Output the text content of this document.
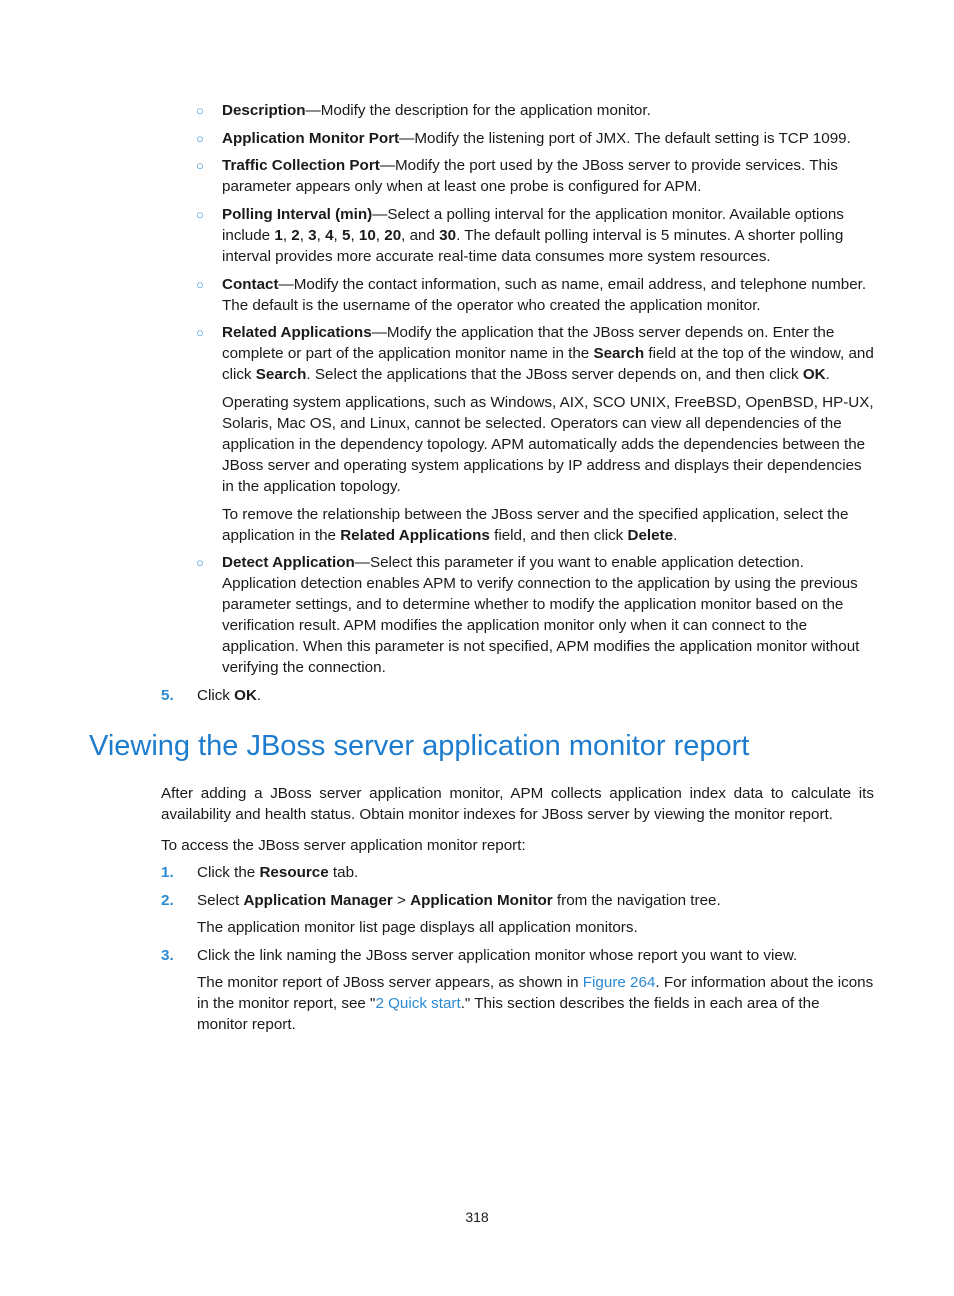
○	Description—Modify the description for the application monitor.

○	Application Monitor Port—Modify the listening port of JMX. The default setting is TCP 1099.

○	Traffic Collection Port—Modify the port used by the JBoss server to provide services. This parameter appears only when at least one probe is configured for APM.

○	Polling Interval (min)—Select a polling interval for the application monitor. Available options include 1, 2, 3, 4, 5, 10, 20, and 30. The default polling interval is 5 minutes. A shorter polling interval provides more accurate real-time data consumes more system resources.

○	Contact—Modify the contact information, such as name, email address, and telephone number. The default is the username of the operator who created the application monitor.

○	Related Applications—Modify the application that the JBoss server depends on. Enter the complete or part of the application monitor name in the Search field at the top of the window, and click Search. Select the applications that the JBoss server depends on, and then click OK.

Operating system applications, such as Windows, AIX, SCO UNIX, FreeBSD, OpenBSD, HP-UX, Solaris, Mac OS, and Linux, cannot be selected. Operators can view all dependencies of the application in the dependency topology. APM automatically adds the dependencies between the JBoss server and operating system applications by IP address and displays their dependencies in the application topology.

To remove the relationship between the JBoss server and the specified application, select the application in the Related Applications field, and then click Delete.

○	Detect Application—Select this parameter if you want to enable application detection. Application detection enables APM to verify connection to the application by using the previous parameter settings, and to determine whether to modify the application monitor based on the verification result. APM modifies the application monitor only when it can connect to the application. When this parameter is not specified, APM modifies the application monitor without verifying the connection.

5.	Click OK.

Viewing the JBoss server application monitor report

After adding a JBoss server application monitor, APM collects application index data to calculate its availability and health status. Obtain monitor indexes for JBoss server by viewing the monitor report.

To access the JBoss server application monitor report:

1.	Click the Resource tab.

2.	Select Application Manager > Application Monitor from the navigation tree.

The application monitor list page displays all application monitors.

3.	Click the link naming the JBoss server application monitor whose report you want to view.

The monitor report of JBoss server appears, as shown in Figure 264. For information about the icons in the monitor report, see "2 Quick start." This section describes the fields in each area of the monitor report.

318
